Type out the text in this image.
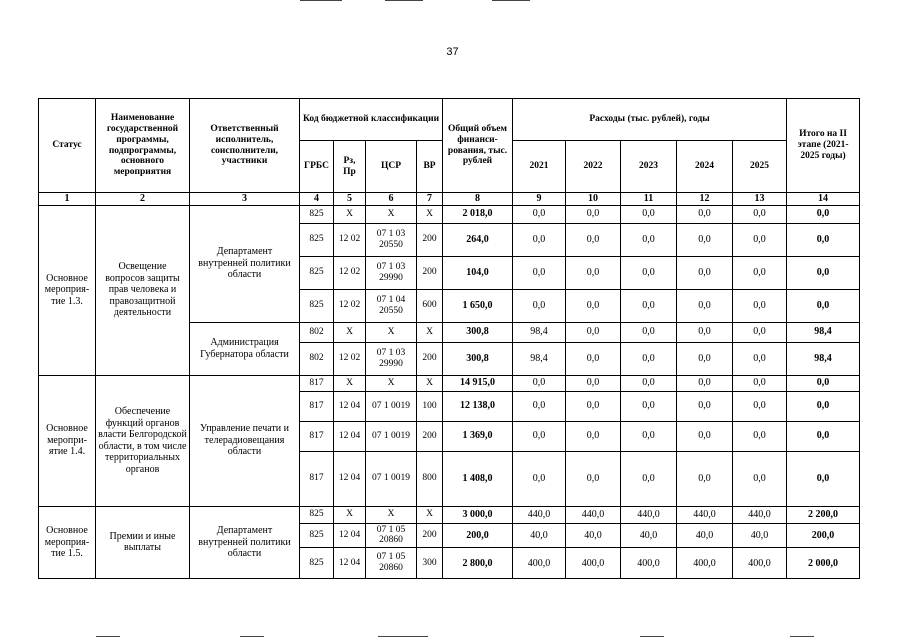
37
Статус	Наименование государственной программы, подпрограммы, основного мероприятия	Ответственный исполнитель, соисполнители, участники	Код бюджетной классификации				Общий объем финанси-рования, тыс. рублей	Расходы (тыс. рублей), годы					Итого на II этапе (2021-2025 годы)
			ГРБС	Рз, Пр	ЦСР	ВР		2021	2022	2023	2024	2025	
1	2	3	4	5	6	7	8	9	10	11	12	13	14
Основное мероприя-тие 1.3.	Освещение вопросов защиты прав человека и правозащитной деятельности	Департамент внутренней политики области	825	X	X	X	2 018,0	0,0	0,0	0,0	0,0	0,0	0,0
			825	12 02	07 1 03 20550	200	264,0	0,0	0,0	0,0	0,0	0,0	0,0
			825	12 02	07 1 03 29990	200	104,0	0,0	0,0	0,0	0,0	0,0	0,0
			825	12 02	07 1 04 20550	600	1 650,0	0,0	0,0	0,0	0,0	0,0	0,0
		Администрация Губернатора области	802	X	X	X	300,8	98,4	0,0	0,0	0,0	0,0	98,4
			802	12 02	07 1 03 29990	200	300,8	98,4	0,0	0,0	0,0	0,0	98,4
Основное меропри-ятие 1.4.	Обеспечение функций органов власти Белгородской области, в том числе территориальных органов	Управление печати и телерадиовещания области	817	X	X	X	14 915,0	0,0	0,0	0,0	0,0	0,0	0,0
			817	12 04	07 1 0019	100	12 138,0	0,0	0,0	0,0	0,0	0,0	0,0
			817	12 04	07 1 0019	200	1 369,0	0,0	0,0	0,0	0,0	0,0	0,0
			817	12 04	07 1 0019	800	1 408,0	0,0	0,0	0,0	0,0	0,0	0,0
Основное мероприя-тие 1.5.	Премии и иные выплаты	Департамент внутренней политики области	825	X	X	X	3 000,0	440,0	440,0	440,0	440,0	440,0	2 200,0
			825	12 04	07 1 05 20860	200	200,0	40,0	40,0	40,0	40,0	40,0	200,0
			825	12 04	07 1 05 20860	300	2 800,0	400,0	400,0	400,0	400,0	400,0	2 000,0
